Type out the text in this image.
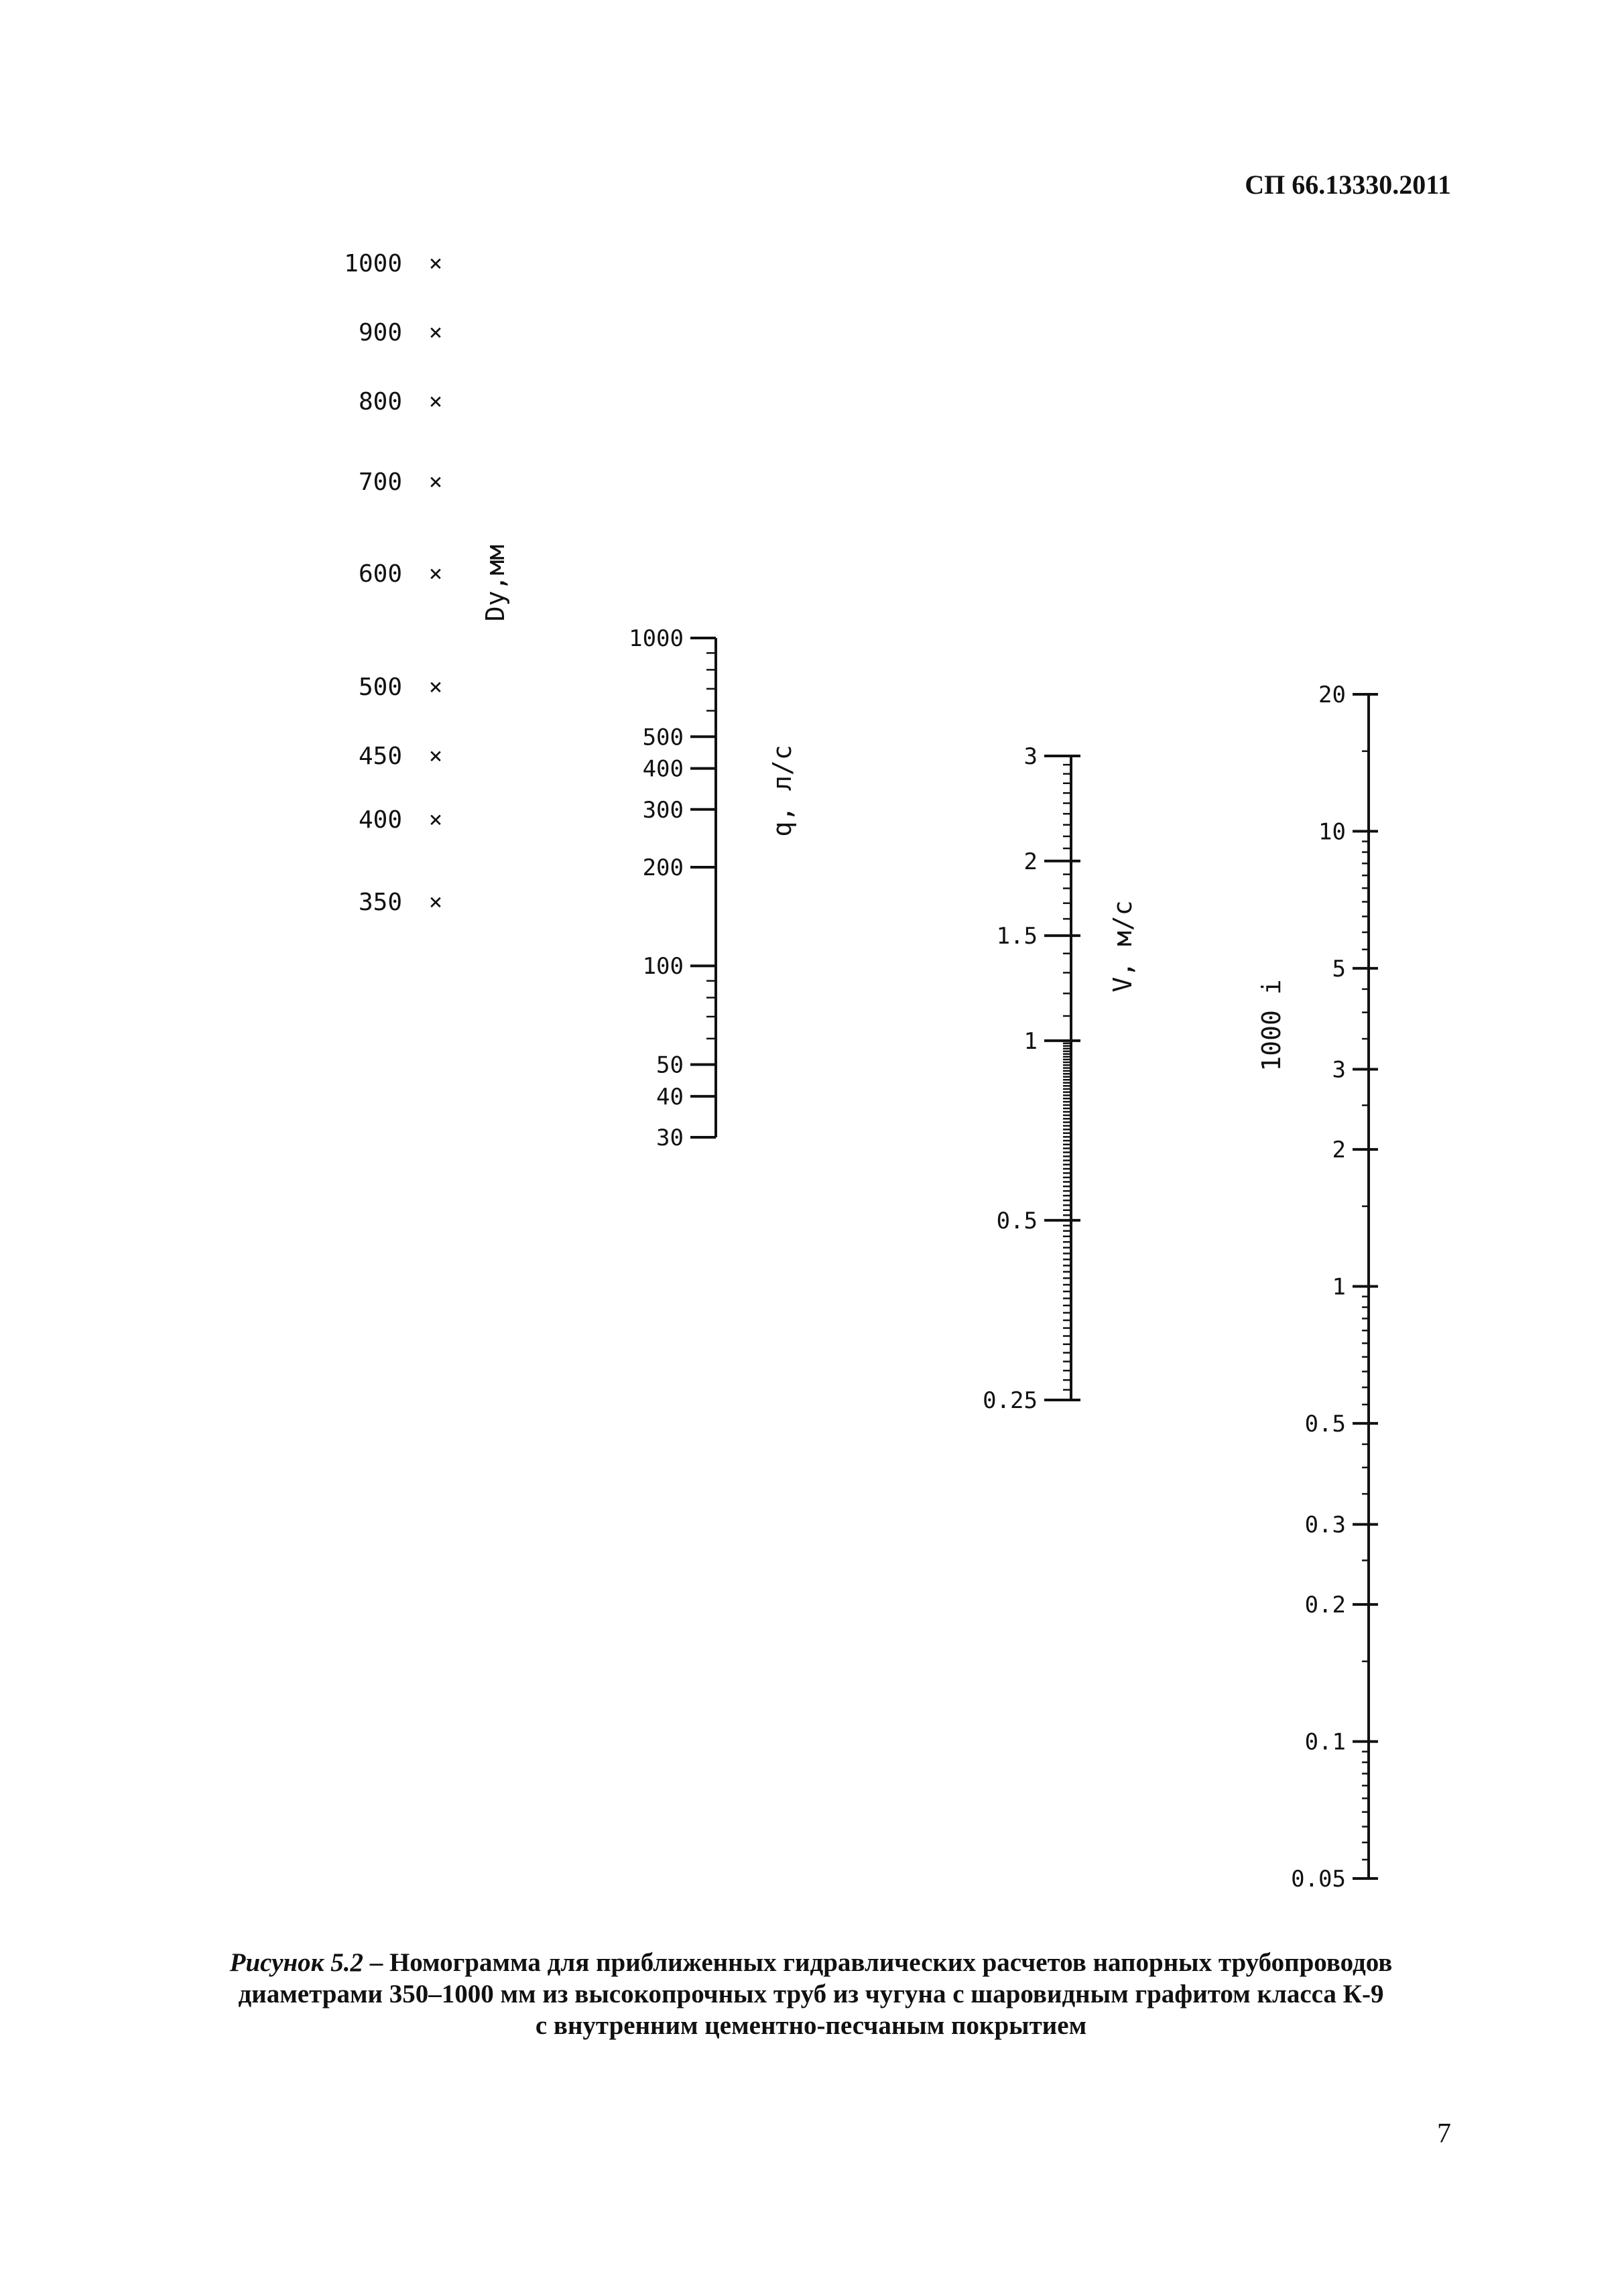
СП 66.13330.2011
1000 ×
900 ×
800 ×
700 ×
600 ×
500 ×
450 ×
400 ×
350 ×
Dу,мм
1000
500
400
300
200
100
50
40
30
q, л/с	3
2
1.5
1
0.5
0.25
V, м/с
20
10
5
3
2
1
0.5
0.3
0.2
0.1
0.05
1000 i
Рисунок 5.2 – Номограмма для приближенных гидравлических расчетов напорных трубопроводов
диаметрами 350–1000 мм из высокопрочных труб из чугуна с шаровидным графитом класса К-9
с внутренним цементно-песчаным покрытием
7
